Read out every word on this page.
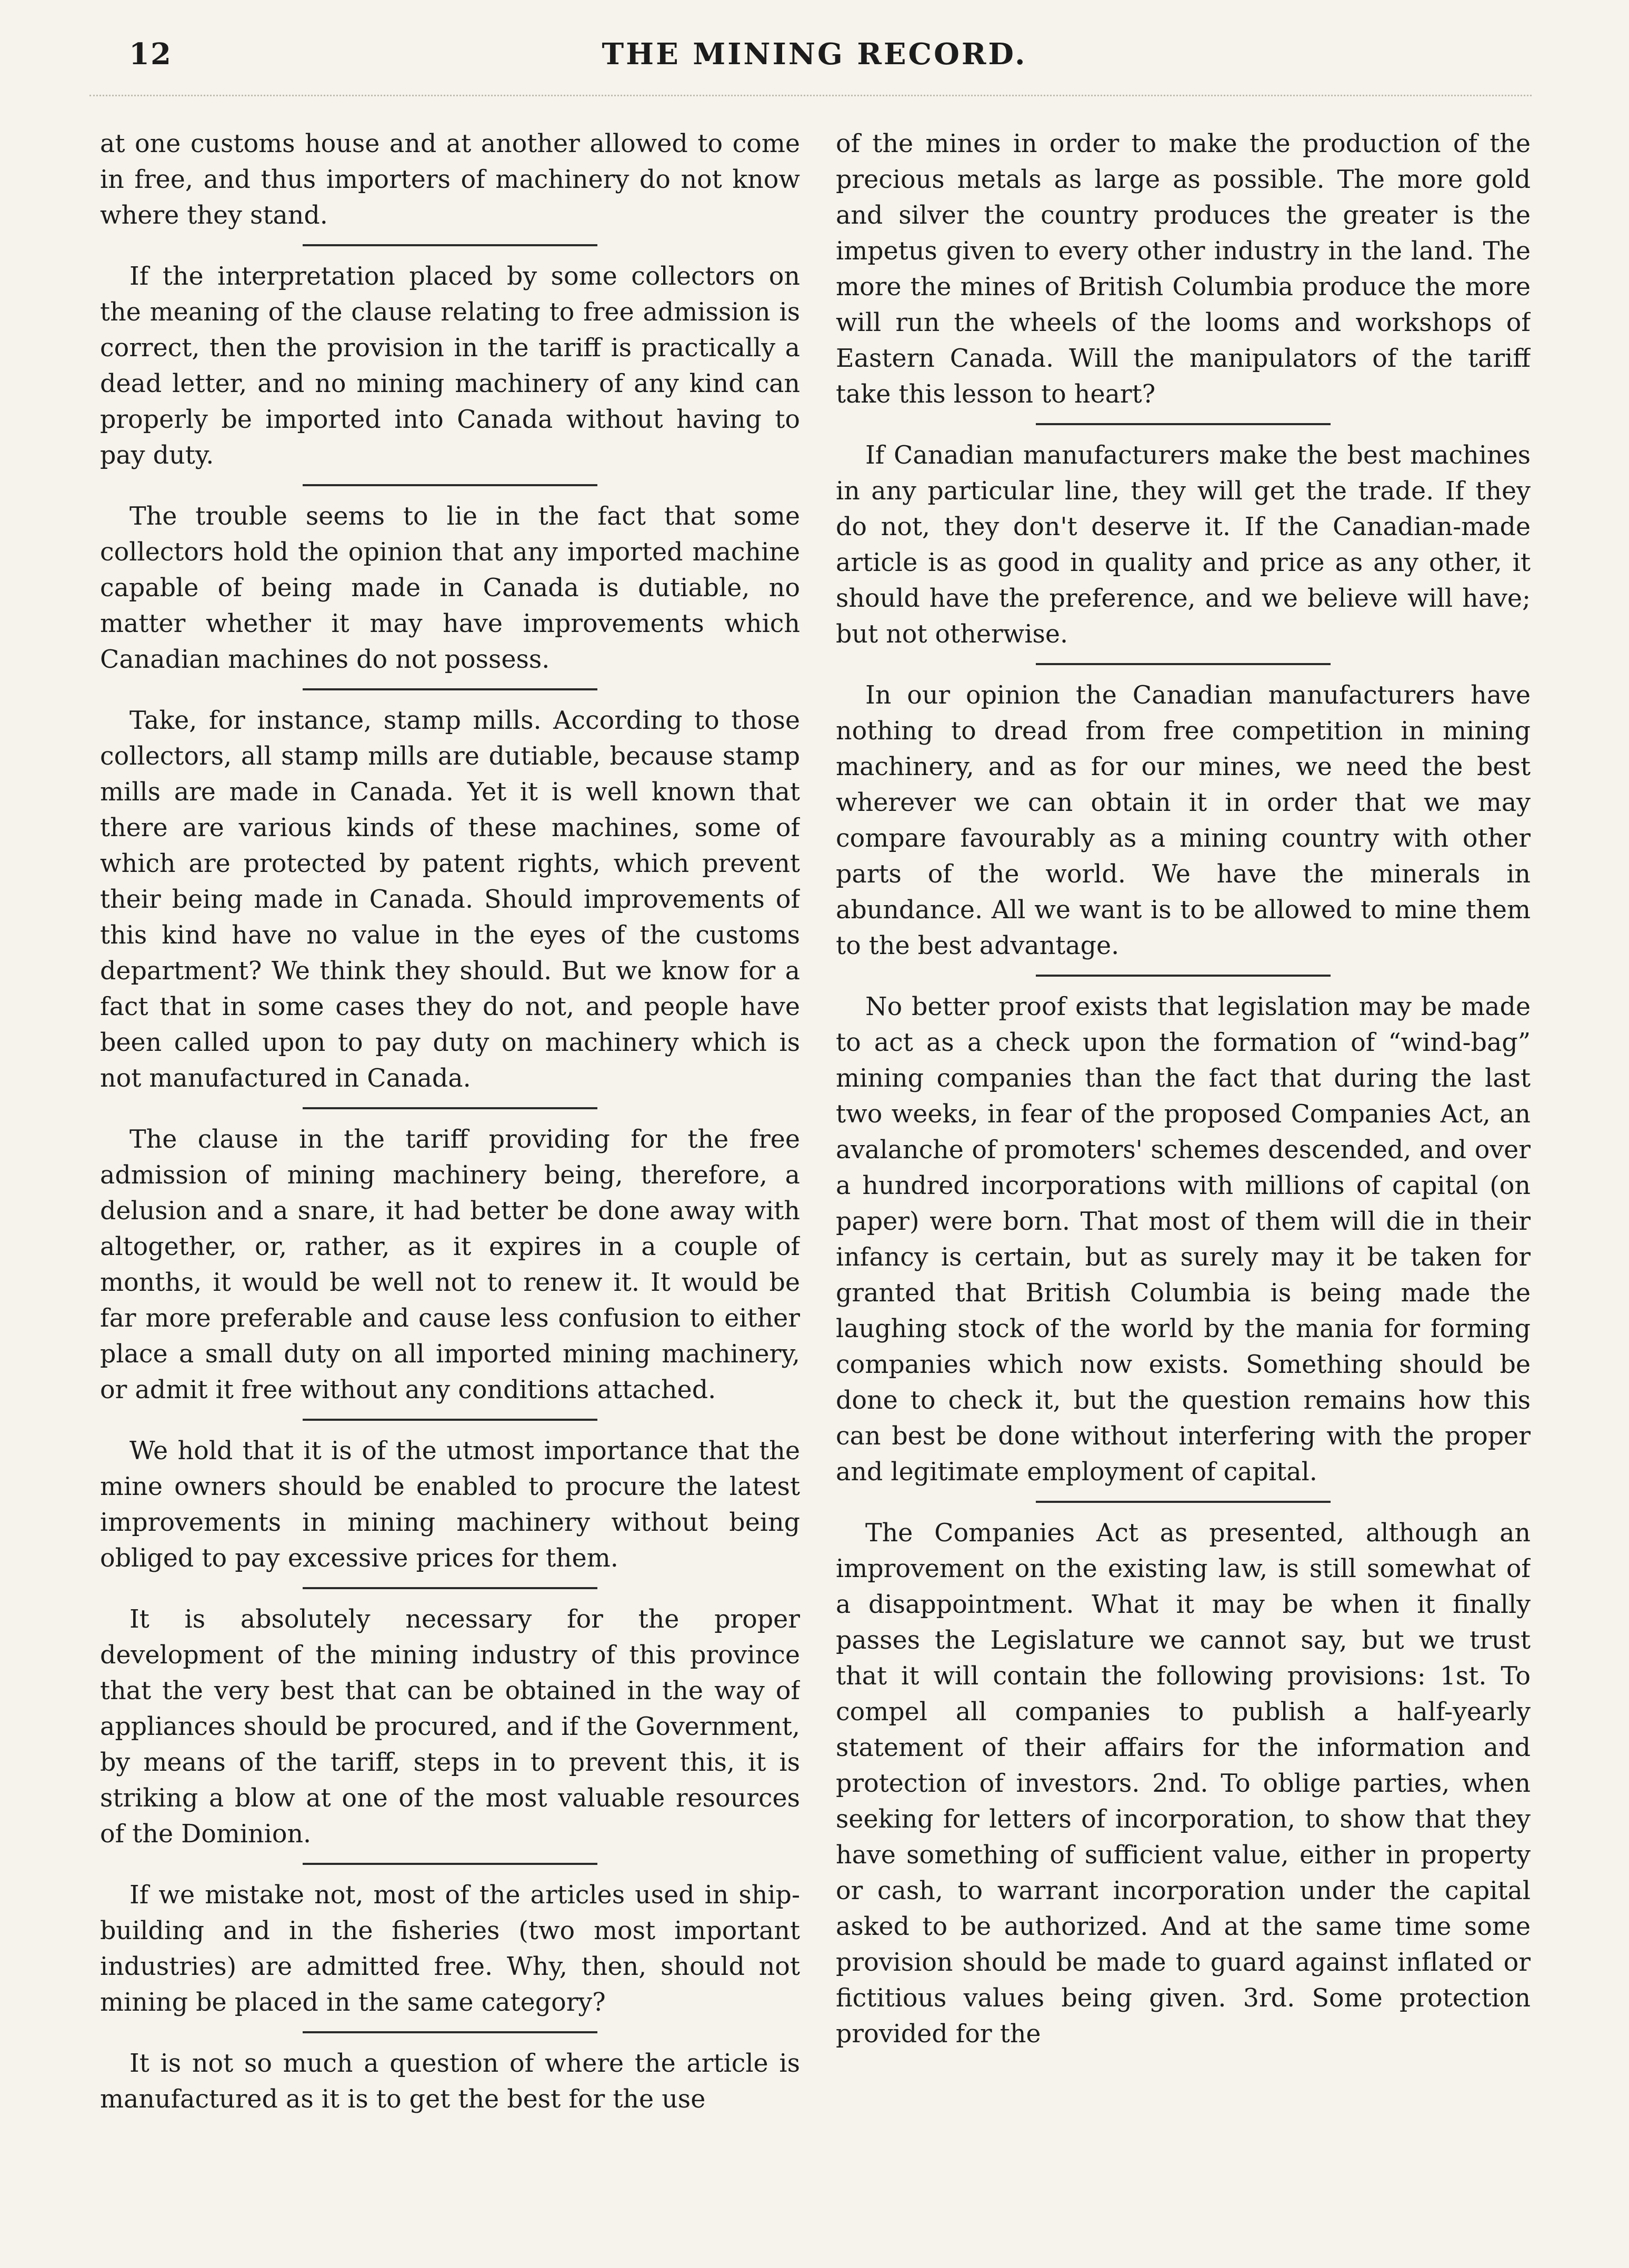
12	THE MINING RECORD.

at one customs house and at another allowed to come in free, and thus importers of machinery do not know where they stand.

If the interpretation placed by some collectors on the meaning of the clause relating to free admission is correct, then the provision in the tariff is practically a dead letter, and no mining machinery of any kind can properly be imported into Canada without having to pay duty.

The trouble seems to lie in the fact that some collectors hold the opinion that any imported machine capable of being made in Canada is dutiable, no matter whether it may have improvements which Canadian machines do not possess.

Take, for instance, stamp mills. According to those collectors, all stamp mills are dutiable, because stamp mills are made in Canada. Yet it is well known that there are various kinds of these machines, some of which are protected by patent rights, which prevent their being made in Canada. Should improvements of this kind have no value in the eyes of the customs department? We think they should. But we know for a fact that in some cases they do not, and people have been called upon to pay duty on machinery which is not manufactured in Canada.

The clause in the tariff providing for the free admission of mining machinery being, therefore, a delusion and a snare, it had better be done away with altogether, or, rather, as it expires in a couple of months, it would be well not to renew it. It would be far more preferable and cause less confusion to either place a small duty on all imported mining machinery, or admit it free without any conditions attached.

We hold that it is of the utmost importance that the mine owners should be enabled to procure the latest improvements in mining machinery without being obliged to pay excessive prices for them.

It is absolutely necessary for the proper development of the mining industry of this province that the very best that can be obtained in the way of appliances should be procured, and if the Government, by means of the tariff, steps in to prevent this, it is striking a blow at one of the most valuable resources of the Dominion.

If we mistake not, most of the articles used in ship-building and in the fisheries (two most important industries) are admitted free. Why, then, should not mining be placed in the same category?

It is not so much a question of where the article is manufactured as it is to get the best for the use

of the mines in order to make the production of the precious metals as large as possible. The more gold and silver the country produces the greater is the impetus given to every other industry in the land. The more the mines of British Columbia produce the more will run the wheels of the looms and workshops of Eastern Canada. Will the manipulators of the tariff take this lesson to heart?

If Canadian manufacturers make the best machines in any particular line, they will get the trade. If they do not, they don't deserve it. If the Canadian-made article is as good in quality and price as any other, it should have the preference, and we believe will have; but not otherwise.

In our opinion the Canadian manufacturers have nothing to dread from free competition in mining machinery, and as for our mines, we need the best wherever we can obtain it in order that we may compare favourably as a mining country with other parts of the world. We have the minerals in abundance. All we want is to be allowed to mine them to the best advantage.

No better proof exists that legislation may be made to act as a check upon the formation of “wind-bag” mining companies than the fact that during the last two weeks, in fear of the proposed Companies Act, an avalanche of promoters' schemes descended, and over a hundred incorporations with millions of capital (on paper) were born. That most of them will die in their infancy is certain, but as surely may it be taken for granted that British Columbia is being made the laughing stock of the world by the mania for forming companies which now exists. Something should be done to check it, but the question remains how this can best be done without interfering with the proper and legitimate employment of capital.

The Companies Act as presented, although an improvement on the existing law, is still somewhat of a disappointment. What it may be when it finally passes the Legislature we cannot say, but we trust that it will contain the following provisions: 1st. To compel all companies to publish a half-yearly statement of their affairs for the information and protection of investors. 2nd. To oblige parties, when seeking for letters of incorporation, to show that they have something of sufficient value, either in property or cash, to warrant incorporation under the capital asked to be authorized. And at the same time some provision should be made to guard against inflated or fictitious values being given. 3rd. Some protection provided for the
